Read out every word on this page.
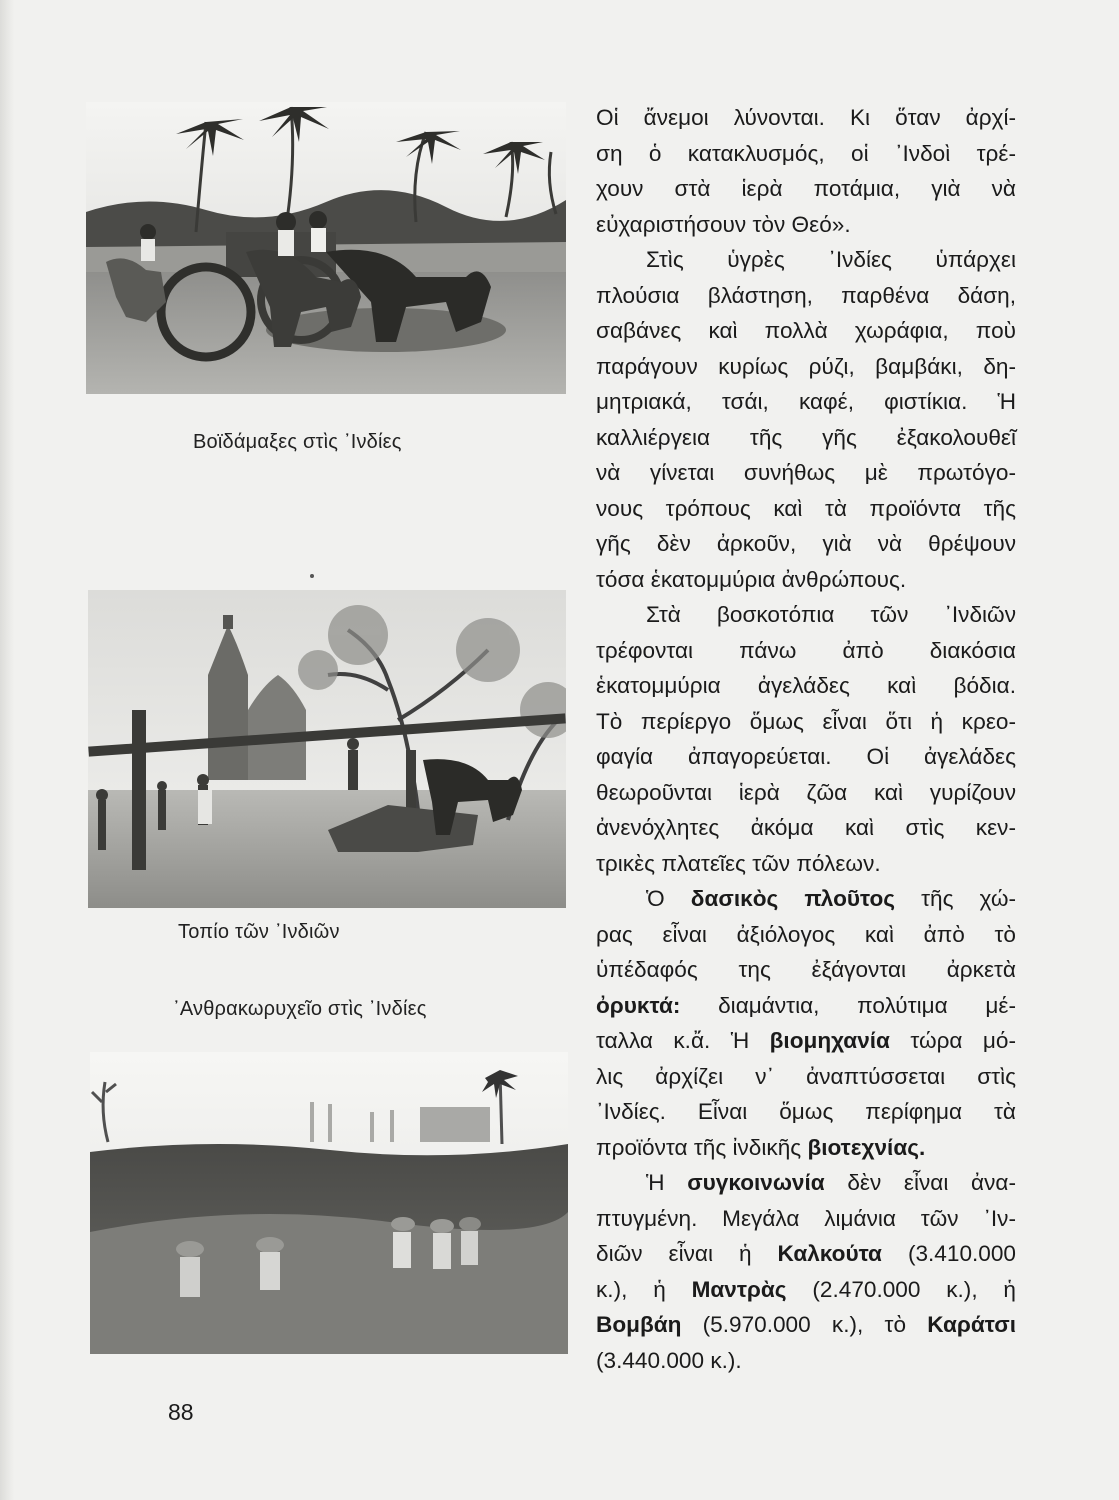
Βοϊδάμαξες στὶς ᾽Ινδίες
Τοπίο τῶν ᾽Ινδιῶν
᾽Ανθρακωρυχεῖο στὶς ᾽Ινδίες

Οἱ ἄνεμοι λύνονται. Κι ὅταν ἀρχί-

ση ὁ κατακλυσμός, οἱ ᾽Ινδοὶ τρέ-

χουν στὰ ἱερὰ ποτάμια, γιὰ νὰ

εὐχαριστήσουν τὸν Θεό».

Στὶς ὑγρὲς ᾽Ινδίες ὑπάρχει

πλούσια βλάστηση, παρθένα δάση,

σαβάνες καὶ πολλὰ χωράφια, ποὺ

παράγουν κυρίως ρύζι, βαμβάκι, δη-

μητριακά, τσάι, καφέ, φιστίκια. Ἡ

καλλιέργεια τῆς γῆς ἐξακολουθεῖ

νὰ γίνεται συνήθως μὲ πρωτόγο-

νους τρόπους καὶ τὰ προϊόντα τῆς

γῆς δὲν ἀρκοῦν, γιὰ νὰ θρέψουν

τόσα ἑκατομμύρια ἀνθρώπους.

Στὰ βοσκοτόπια τῶν ᾽Ινδιῶν

τρέφονται πάνω ἀπὸ διακόσια

ἑκατομμύρια ἀγελάδες καὶ βόδια.

Τὸ περίεργο ὅμως εἶναι ὅτι ἡ κρεο-

φαγία ἀπαγορεύεται. Οἱ ἀγελάδες

θεωροῦνται ἱερὰ ζῶα καὶ γυρίζουν

ἀνενόχλητες ἀκόμα καὶ στὶς κεν-

τρικὲς πλατεῖες τῶν πόλεων.

Ὁ δασικὸς πλοῦτος τῆς χώ-

ρας εἶναι ἀξιόλογος καὶ ἀπὸ τὸ

ὑπέδαφός της ἐξάγονται ἀρκετὰ

ὀρυκτά: διαμάντια, πολύτιμα μέ-

ταλλα κ.ἄ. Ἡ βιομηχανία τώρα μό-

λις ἀρχίζει ν᾽ ἀναπτύσσεται στὶς

᾽Ινδίες. Εἶναι ὅμως περίφημα τὰ

προϊόντα τῆς ἰνδικῆς βιοτεχνίας.

Ἡ συγκοινωνία δὲν εἶναι ἀνα-

πτυγμένη. Μεγάλα λιμάνια τῶν ᾽Ιν-

διῶν εἶναι ἡ Καλκούτα (3.410.000

κ.), ἡ Μαντρὰς (2.470.000 κ.), ἡ

Βομβάη (5.970.000 κ.), τὸ Καράτσι

(3.440.000 κ.).

88
